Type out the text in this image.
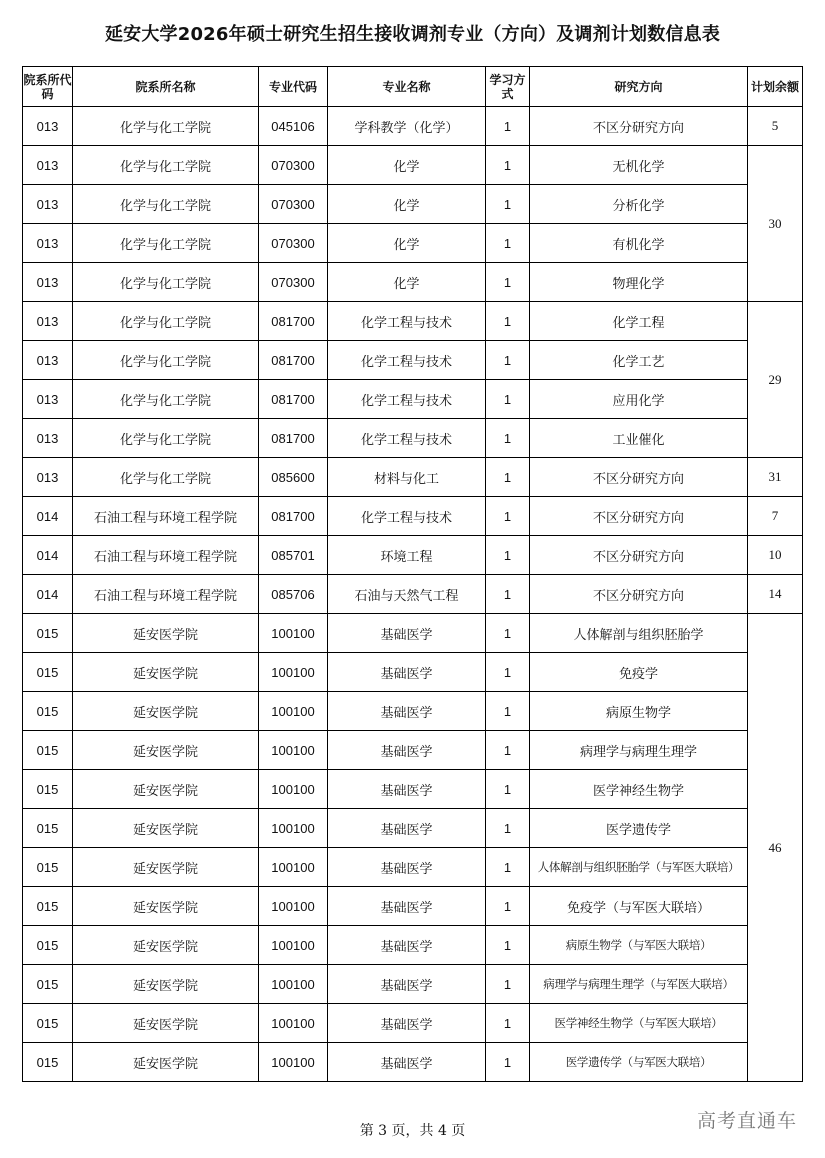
延安大学2026年硕士研究生招生接收调剂专业（方向）及调剂计划数信息表
院系所代码	院系所名称	专业代码	专业名称	学习方式	研究方向	计划余额
013	化学与化工学院	045106	学科教学（化学）	1	不区分研究方向	5
013	化学与化工学院	070300	化学	1	无机化学	30
013	化学与化工学院	070300	化学	1	分析化学	
013	化学与化工学院	070300	化学	1	有机化学	
013	化学与化工学院	070300	化学	1	物理化学	
013	化学与化工学院	081700	化学工程与技术	1	化学工程	29
013	化学与化工学院	081700	化学工程与技术	1	化学工艺	
013	化学与化工学院	081700	化学工程与技术	1	应用化学	
013	化学与化工学院	081700	化学工程与技术	1	工业催化	
013	化学与化工学院	085600	材料与化工	1	不区分研究方向	31
014	石油工程与环境工程学院	081700	化学工程与技术	1	不区分研究方向	7
014	石油工程与环境工程学院	085701	环境工程	1	不区分研究方向	10
014	石油工程与环境工程学院	085706	石油与天然气工程	1	不区分研究方向	14
015	延安医学院	100100	基础医学	1	人体解剖与组织胚胎学	46
015	延安医学院	100100	基础医学	1	免疫学	
015	延安医学院	100100	基础医学	1	病原生物学	
015	延安医学院	100100	基础医学	1	病理学与病理生理学	
015	延安医学院	100100	基础医学	1	医学神经生物学	
015	延安医学院	100100	基础医学	1	医学遗传学	
015	延安医学院	100100	基础医学	1	人体解剖与组织胚胎学（与军医大联培）	
015	延安医学院	100100	基础医学	1	免疫学（与军医大联培）	
015	延安医学院	100100	基础医学	1	病原生物学（与军医大联培）	
015	延安医学院	100100	基础医学	1	病理学与病理生理学（与军医大联培）	
015	延安医学院	100100	基础医学	1	医学神经生物学（与军医大联培）	
015	延安医学院	100100	基础医学	1	医学遗传学（与军医大联培）	
第 3 页，共 4 页	高考直通车
